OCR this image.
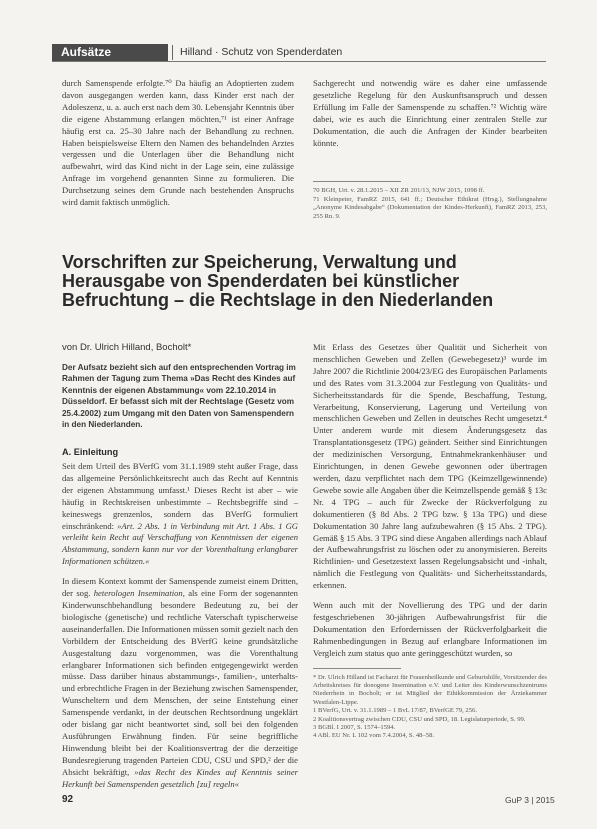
Aufsätze	Hilland · Schutz von Spenderdaten

durch Samenspende erfolgte.⁷⁰ Da häufig an Adoptierten zudem davon ausgegangen werden kann, dass Kinder erst nach der Adoleszenz, u. a. auch erst nach dem 30. Lebensjahr Kenntnis über die eigene Abstammung erlangen möchten,⁷¹ ist einer Anfrage häufig erst ca. 25–30 Jahre nach der Behandlung zu rechnen. Haben beispielsweise Eltern den Namen des behandelnden Arztes vergessen und die Unterlagen über die Behandlung nicht aufbewahrt, wird das Kind nicht in der Lage sein, eine zulässige Anfrage im vorgehend genannten Sinne zu formulieren. Die Durchsetzung seines dem Grunde nach bestehenden Anspruchs wird damit faktisch unmöglich.

Sachgerecht und notwendig wäre es daher eine umfassende gesetzliche Regelung für den Auskunftsanspruch und dessen Erfüllung im Falle der Samenspende zu schaffen.⁷² Wichtig wäre dabei, wie es auch die Einrichtung einer zentralen Stelle zur Dokumentation, die auch die Anfragen der Kinder bearbeiten könnte.

70 BGH, Urt. v. 28.1.2015 – XII ZR 201/13, NJW 2015, 1098 ff.

71 Kleinpeter, FamRZ 2015, 641 ff.; Deutscher Ethikrat (Hrsg.), Stellungnahme „Anonyme Kindesabgabe“ (Dokumentation der Kindes-Herkunft), FamRZ 2013, 253, 255 Rn. 9.

Vorschriften zur Speicherung, Verwaltung und Herausgabe von Spenderdaten bei künstlicher Befruchtung – die Rechtslage in den Niederlanden

von Dr. Ulrich Hilland, Bocholt*

Der Aufsatz bezieht sich auf den entsprechenden Vortrag im Rahmen der Tagung zum Thema »Das Recht des Kindes auf Kenntnis der eigenen Abstammung« vom 22.10.2014 in Düsseldorf. Er befasst sich mit der Rechtslage (Gesetz vom 25.4.2002) zum Umgang mit den Daten von Samenspendern in den Niederlanden.

A. Einleitung

Seit dem Urteil des BVerfG vom 31.1.1989 steht außer Frage, dass das allgemeine Persönlichkeitsrecht auch das Recht auf Kenntnis der eigenen Abstammung umfasst.¹ Dieses Recht ist aber – wie häufig in Rechtskreisen unbestimmte – Rechtsbegriffe sind – keineswegs grenzenlos, sondern das BVerfG formuliert einschränkend: »Art. 2 Abs. 1 in Verbindung mit Art. 1 Abs. 1 GG verleiht kein Recht auf Verschaffung von Kenntnissen der eigenen Abstammung, sondern kann nur vor der Vorenthaltung erlangbarer Informationen schützen.«

In diesem Kontext kommt der Samenspende zumeist einem Dritten, der sog. heterologen Insemination, als eine Form der sogenannten Kinderwunschbehandlung besondere Bedeutung zu, bei der biologische (genetische) und rechtliche Vaterschaft typischerweise auseinanderfallen. Die Informationen müssen somit gezielt nach den Vorbildern der Entscheidung des BVerfG keine grundsätzliche Ausgestaltung dazu vorgenommen, was die Vorenthaltung erlangbarer Informationen sich befinden entgegengewirkt werden müsse. Dass darüber hinaus abstammungs-, familien-, unterhalts- und erbrechtliche Fragen in der Beziehung zwischen Samenspender, Wunscheltern und dem Menschen, der seine Entstehung einer Samenspende verdankt, in der deutschen Rechtsordnung ungeklärt oder bislang gar nicht beantwortet sind, soll bei den folgenden Ausführungen Erwähnung finden. Für seine begriffliche Hinwendung bleibt bei der Koalitionsvertrag der die derzeitige Bundesregierung tragenden Parteien CDU, CSU und SPD,² der die Absicht bekräftigt, »das Recht des Kindes auf Kenntnis seiner Herkunft bei Samenspenden gesetzlich [zu] regeln«

Mit Erlass des Gesetzes über Qualität und Sicherheit von menschlichen Geweben und Zellen (Gewebegesetz)³ wurde im Jahre 2007 die Richtlinie 2004/23/EG des Europäischen Parlaments und des Rates vom 31.3.2004 zur Festlegung von Qualitäts- und Sicherheitsstandards für die Spende, Beschaffung, Testung, Verarbeitung, Konservierung, Lagerung und Verteilung von menschlichen Geweben und Zellen in deutsches Recht umgesetzt.⁴ Unter anderem wurde mit diesem Änderungsgesetz das Transplantationsgesetz (TPG) geändert. Seither sind Einrichtungen der medizinischen Versorgung, Entnahmekrankenhäuser und Einrichtungen, in denen Gewebe gewonnen oder übertragen werden, dazu verpflichtet nach dem TPG (Keimzellgewinnende) Gewebe sowie alle Angaben über die Keimzellspende gemäß § 13c Nr. 4 TPG – auch für Zwecke der Rückverfolgung zu dokumentieren (§ 8d Abs. 2 TPG bzw. § 13a TPG) und diese Dokumentation 30 Jahre lang aufzubewahren (§ 15 Abs. 2 TPG). Gemäß § 15 Abs. 3 TPG sind diese Angaben allerdings nach Ablauf der Aufbewahrungsfrist zu löschen oder zu anonymisieren. Bereits Richtlinien- und Gesetzestext lassen Regelungsabsicht und -inhalt, nämlich die Festlegung von Qualitäts- und Sicherheitsstandards, erkennen.

Wenn auch mit der Novellierung des TPG und der darin festgeschriebenen 30-jährigen Aufbewahrungsfrist für die Dokumentation den Erfordernissen der Rückverfolgbarkeit die Rahmenbedingungen in Bezug auf erlangbare Informationen im Vergleich zum status quo ante geringgeschützt wurden, so

* Dr. Ulrich Hilland ist Facharzt für Frauenheilkunde und Geburtshilfe, Vorsitzender des Arbeitskreises für donogene Insemination e.V. und Leiter des Kinderwunschzentrums Niederrhein in Bocholt; er ist Mitglied der Ethikkommission der Ärztekammer Westfalen-Lippe.

1 BVerfG, Urt. v. 31.1.1989 – 1 BvL 17/87, BVerfGE 79, 256.

2 Koalitionsvertrag zwischen CDU, CSU und SPD, 18. Legislaturperiode, S. 99.

3 BGBl. I 2007, S. 1574–1594.

4 ABl. EU Nr. L 102 vom 7.4.2004, S. 48–58.

92	GuP 3 | 2015
